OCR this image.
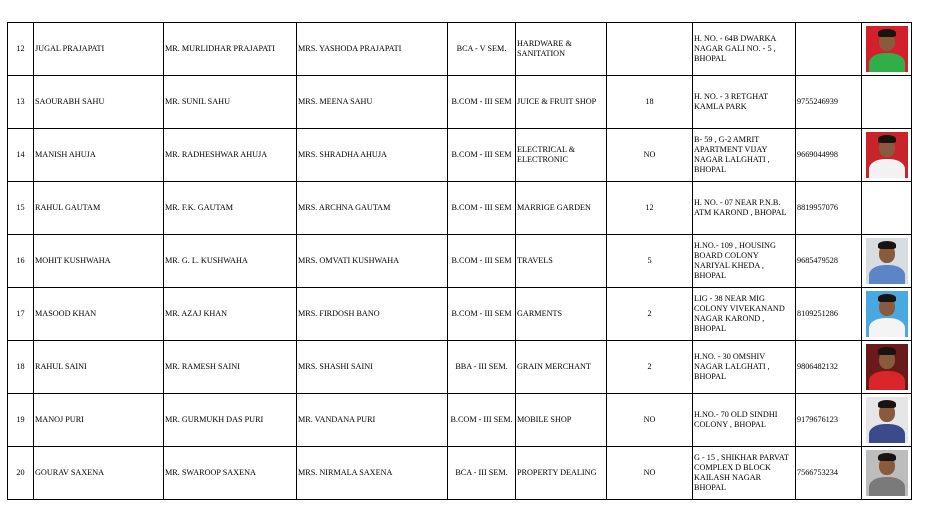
12	JUGAL PRAJAPATI	MR. MURLIDHAR PRAJAPATI	MRS. YASHODA PRAJAPATI	BCA - V SEM.	HARDWARE & SANITATION		H. NO. - 64B DWARKA NAGAR GALI NO. - 5 , BHOPAL		

13	SAOURABH SAHU	MR. SUNIL SAHU	MRS. MEENA SAHU	B.COM - III SEM	JUICE & FRUIT SHOP	18	H. NO. - 3 RETGHAT KAMLA PARK	9755246939	
14	MANISH AHUJA	MR. RADHESHWAR AHUJA	MRS. SHRADHA AHUJA	B.COM - III SEM	ELECTRICAL & ELECTRONIC	NO	B- 59 , G-2 AMRIT APARTMENT VIJAY NAGAR LALGHATI , BHOPAL	9669044998	

15	RAHUL GAUTAM	MR. F.K. GAUTAM	MRS. ARCHNA GAUTAM	B.COM - III SEM	MARRIGE GARDEN	12	H. NO. - 07 NEAR P.N.B. ATM KAROND , BHOPAL	8819957076	
16	MOHIT KUSHWAHA	MR. G. L. KUSHWAHA	MRS. OMVATI KUSHWAHA	B.COM - III SEM	TRAVELS	5	H.NO.- 109 , HOUSING BOARD COLONY NARIYAL KHEDA , BHOPAL	9685479528	

17	MASOOD KHAN	MR. AZAJ KHAN	MRS. FIRDOSH BANO	B.COM - III SEM	GARMENTS	2	LIG - 38 NEAR MIG COLONY VIVEKANAND NAGAR KAROND , BHOPAL	8109251286	

18	RAHUL SAINI	MR. RAMESH SAINI	MRS. SHASHI SAINI	BBA - III SEM.	GRAIN MERCHANT	2	H.NO. - 30 OMSHIV NAGAR LALGHATI , BHOPAL	9806482132	

19	MANOJ PURI	MR. GURMUKH DAS PURI	MR. VANDANA PURI	B.COM - III SEM.	MOBILE SHOP	NO	H.NO.- 70 OLD SINDHI COLONY , BHOPAL	9179676123	

20	GOURAV SAXENA	MR. SWAROOP SAXENA	MRS. NIRMALA SAXENA	BCA - III SEM.	PROPERTY DEALING	NO	G - 15 , SHIKHAR PARVAT COMPLEX D BLOCK KAILASH NAGAR BHOPAL	7566753234	
